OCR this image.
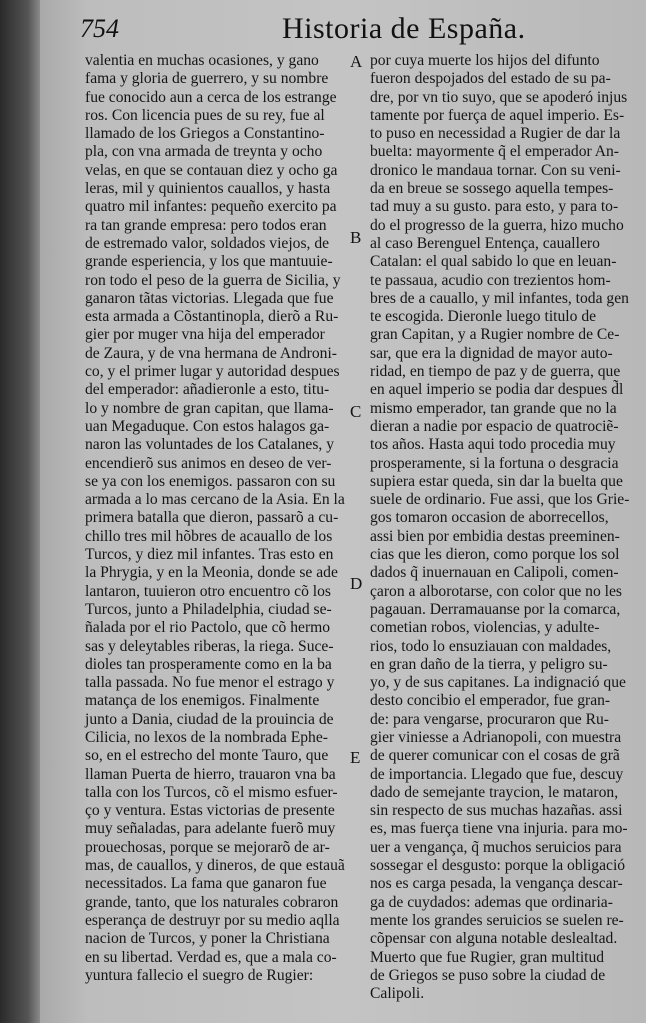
754	Historia de España.
valentia en muchas ocasiones, y gano
fama y gloria de guerrero, y su nombre
fue conocido aun a cerca de los estrange
ros. Con licencia pues de su rey, fue al
llamado de los Griegos a Constantino-
pla, con vna armada de treynta y ocho
velas, en que se contauan diez y ocho ga
leras, mil y quinientos cauallos, y hasta
quatro mil infantes: pequeño exercito pa
ra tan grande empresa: pero todos eran
de estremado valor, soldados viejos, de
grande esperiencia, y los que mantuuie-
ron todo el peso de la guerra de Sicilia, y
ganaron tãtas victorias. Llegada que fue
esta armada a Cõstantinopla, dierõ a Ru-
gier por muger vna hija del emperador
de Zaura, y de vna hermana de Androni-
co, y el primer lugar y autoridad despues
del emperador: añadieronle a esto, titu-
lo y nombre de gran capitan, que llama-
uan Megaduque. Con estos halagos ga-
naron las voluntades de los Catalanes, y
encendierõ sus animos en deseo de ver-
se ya con los enemigos. passaron con su
armada a lo mas cercano de la Asia. En la
primera batalla que dieron, passarõ a cu-
chillo tres mil hõbres de acauallo de los
Turcos, y diez mil infantes. Tras esto en
la Phrygia, y en la Meonia, donde se ade
lantaron, tuuieron otro encuentro cõ los
Turcos, junto a Philadelphia, ciudad se-
ñalada por el rio Pactolo, que cõ hermo
sas y deleytables riberas, la riega. Suce-
dioles tan prosperamente como en la ba
talla passada. No fue menor el estrago y
matança de los enemigos. Finalmente
junto a Dania, ciudad de la prouincia de
Cilicia, no lexos de la nombrada Ephe-
so, en el estrecho del monte Tauro, que
llaman Puerta de hierro, trauaron vna ba
talla con los Turcos, cõ el mismo esfuer-
ço y ventura. Estas victorias de presente
muy señaladas, para adelante fuerõ muy
prouechosas, porque se mejorarõ de ar-
mas, de cauallos, y dineros, de que estauã
necessitados. La fama que ganaron fue
grande, tanto, que los naturales cobraron
esperança de destruyr por su medio aqlla
nacion de Turcos, y poner la Christiana
en su libertad. Verdad es, que a mala co-
yuntura fallecio el suegro de Rugier:
por cuya muerte los hijos del difunto
fueron despojados del estado de su pa-
dre, por vn tio suyo, que se apoderó injus
tamente por fuerça de aquel imperio. Es-
to puso en necessidad a Rugier de dar la
buelta: mayormente q̃ el emperador An-
dronico le mandaua tornar. Con su veni-
da en breue se sossego aquella tempes-
tad muy a su gusto. para esto, y para to-
do el progresso de la guerra, hizo mucho
al caso Berenguel Entença, cauallero
Catalan: el qual sabido lo que en leuan-
te passaua, acudio con trezientos hom-
bres de a cauallo, y mil infantes, toda gen
te escogida. Dieronle luego titulo de
gran Capitan, y a Rugier nombre de Ce-
sar, que era la dignidad de mayor auto-
ridad, en tiempo de paz y de guerra, que
en aquel imperio se podia dar despues d̃l
mismo emperador, tan grande que no la
dieran a nadie por espacio de quatrociẽ-
tos años. Hasta aqui todo procedia muy
prosperamente, si la fortuna o desgracia
supiera estar queda, sin dar la buelta que
suele de ordinario. Fue assi, que los Grie-
gos tomaron occasion de aborrecellos,
assi bien por embidia destas preeminen-
cias que les dieron, como porque los sol
dados q̃ inuernauan en Calipoli, comen-
çaron a alborotarse, con color que no les
pagauan. Derramauanse por la comarca,
cometian robos, violencias, y adulte-
rios, todo lo ensuziauan con maldades,
en gran daño de la tierra, y peligro su-
yo, y de sus capitanes. La indignació que
desto concibio el emperador, fue gran-
de: para vengarse, procuraron que Ru-
gier viniesse a Adrianopoli, con muestra
de querer comunicar con el cosas de grã
de importancia. Llegado que fue, descuy
dado de semejante traycion, le mataron,
sin respecto de sus muchas hazañas. assi
es, mas fuerça tiene vna injuria. para mo-
uer a vengança, q̃ muchos seruicios para
sossegar el desgusto: porque la obligació
nos es carga pesada, la vengança descar-
ga de cuydados: ademas que ordinaria-
mente los grandes seruicios se suelen re-
cõpensar con alguna notable deslealtad.
Muerto que fue Rugier, gran multitud
de Griegos se puso sobre la ciudad de
Calipoli.
A
B
C
D
E
